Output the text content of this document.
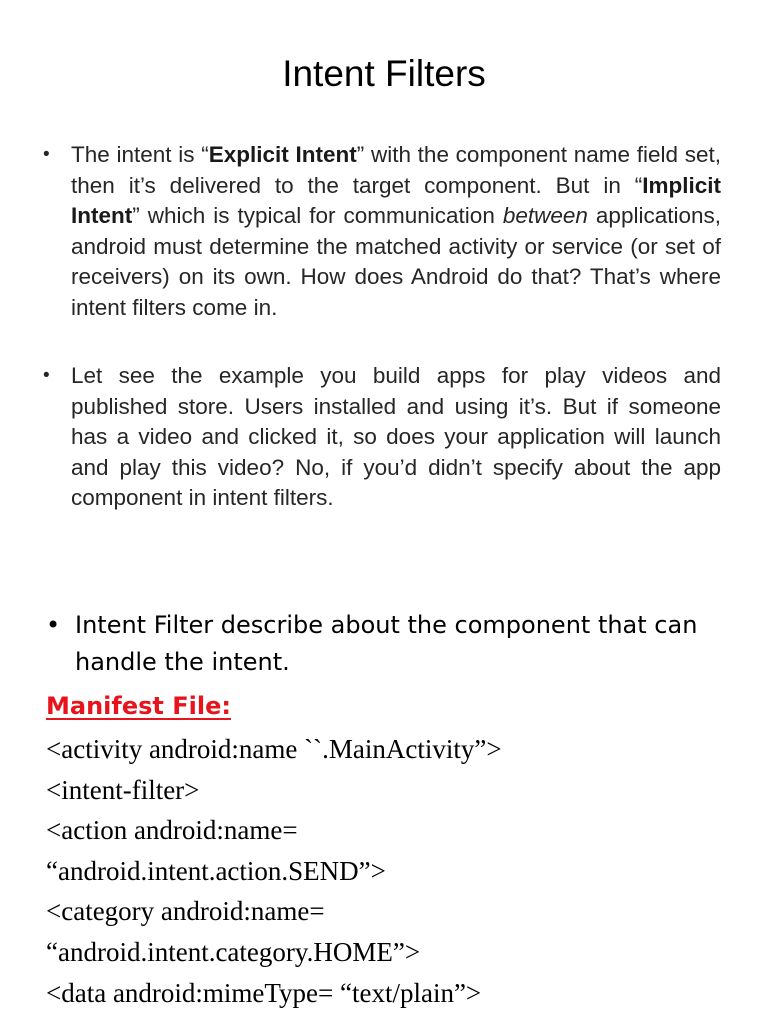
Intent Filters
• The intent is “Explicit Intent” with the component name field set, then it’s delivered to the target component. But in “Implicit Intent” which is typical for communication between applications, android must determine the matched activity or service (or set of receivers) on its own. How does Android do that? That’s where intent filters come in.
• Let see the example you build apps for play videos and published store. Users installed and using it’s. But if someone has a video and clicked it, so does your application will launch and play this video? No, if you’d didn’t specify about the app component in intent filters.
• Intent Filter describe about the component that can handle the intent.
Manifest File:
<activity android:name ``.MainActivity”>
<intent-filter>
<action android:name=
“android.intent.action.SEND”>
<category android:name=
“android.intent.category.HOME”>
<data android:mimeType= “text/plain”>
